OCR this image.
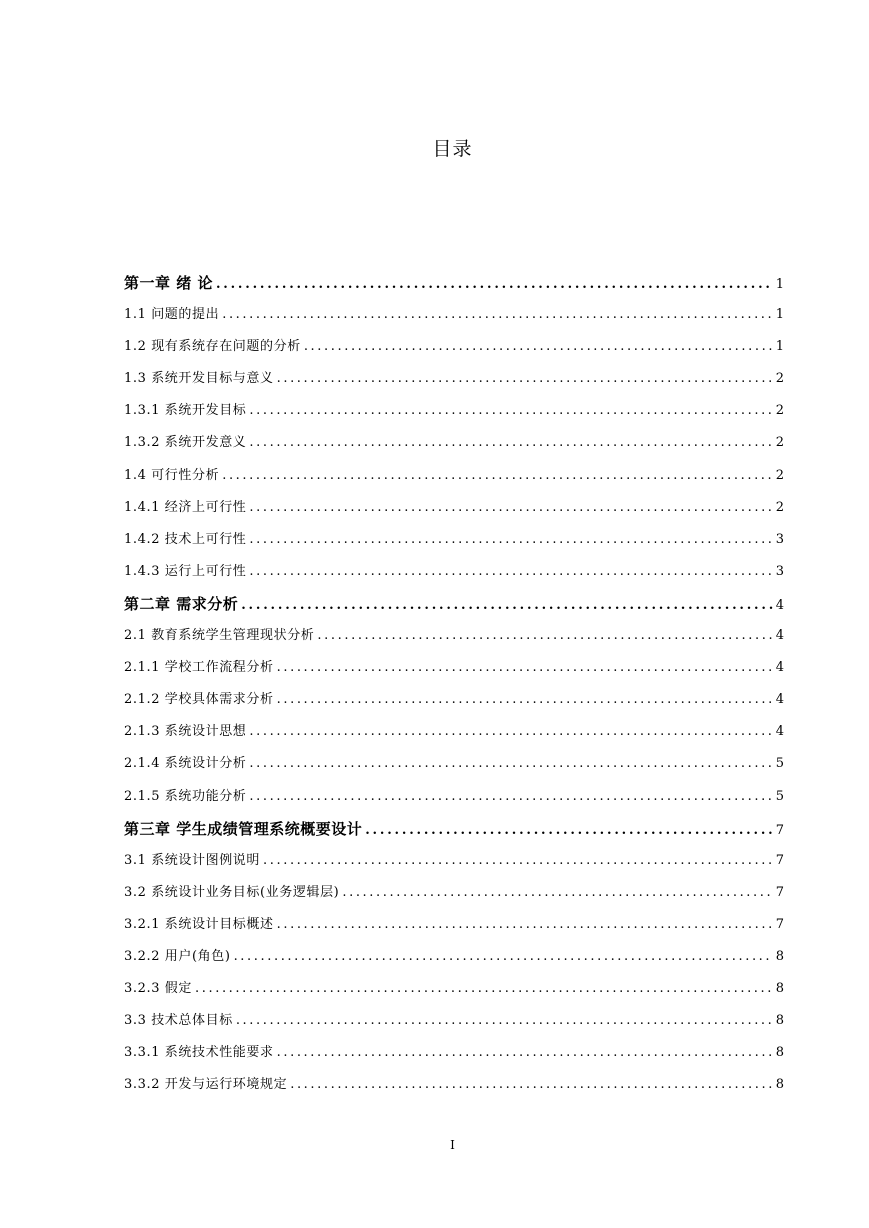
目录
第一章 绪 论 .....	1
1.1 问题的提出 .....	1
1.2 现有系统存在问题的分析 .....	1
1.3 系统开发目标与意义 .....	2
1.3.1 系统开发目标 .....	2
1.3.2 系统开发意义 .....	2
1.4 可行性分析 .....	2
1.4.1 经济上可行性 .....	2
1.4.2 技术上可行性 .....	3
1.4.3 运行上可行性 .....	3
第二章 需求分析 .....	4
2.1 教育系统学生管理现状分析 .....	4
2.1.1 学校工作流程分析 .....	4
2.1.2 学校具体需求分析 .....	4
2.1.3 系统设计思想 .....	4
2.1.4 系统设计分析 .....	5
2.1.5 系统功能分析 .....	5
第三章 学生成绩管理系统概要设计 .....	7
3.1 系统设计图例说明 .....	7
3.2 系统设计业务目标(业务逻辑层) .....	7
3.2.1 系统设计目标概述 .....	7
3.2.2 用户(角色) .....	8
3.2.3 假定 .....	8
3.3 技术总体目标 .....	8
3.3.1 系统技术性能要求 .....	8
3.3.2 开发与运行环境规定 .....	8
I
